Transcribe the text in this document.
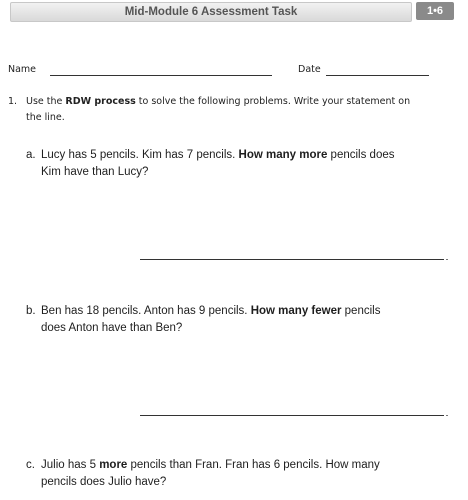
Mid-Module 6 Assessment Task	1•6
Name	Date
1. Use the RDW process to solve the following problems. Write your statement on
the line.
a. Lucy has 5 pencils. Kim has 7 pencils. How many more pencils does
Kim have than Lucy?
b. Ben has 18 pencils. Anton has 9 pencils. How many fewer pencils
does Anton have than Ben?
c. Julio has 5 more pencils than Fran. Fran has 6 pencils. How many
pencils does Julio have?
